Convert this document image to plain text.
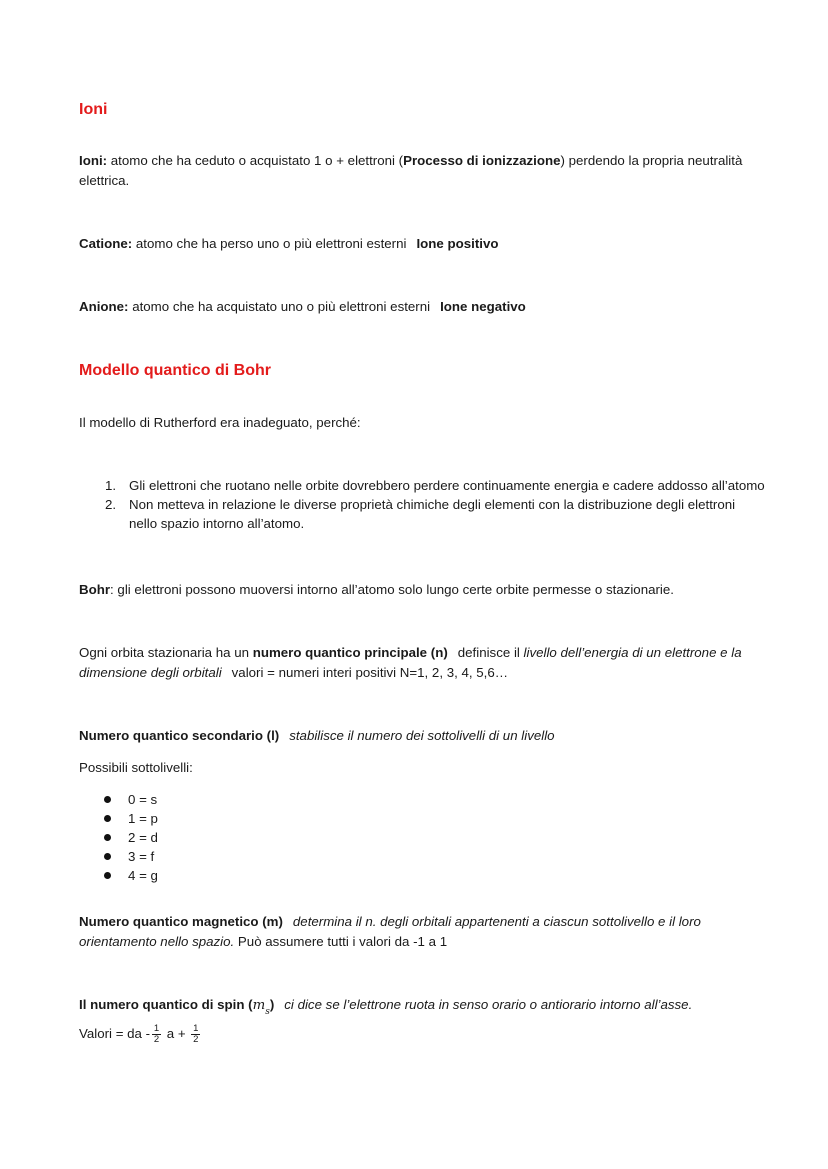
Ioni
Ioni: atomo che ha ceduto o acquistato 1 o + elettroni (Processo di ionizzazione) perdendo la propria neutralità elettrica.
Catione: atomo che ha perso uno o più elettroni esterni Ione positivo
Anione: atomo che ha acquistato uno o più elettroni esterni Ione negativo
Modello quantico di Bohr
Il modello di Rutherford era inadeguato, perché:
1. Gli elettroni che ruotano nelle orbite dovrebbero perdere continuamente energia e cadere addosso all’atomo
2. Non metteva in relazione le diverse proprietà chimiche degli elementi con la distribuzione degli elettroni nello spazio intorno all’atomo.
Bohr: gli elettroni possono muoversi intorno all’atomo solo lungo certe orbite permesse o stazionarie.
Ogni orbita stazionaria ha un numero quantico principale (n) definisce il livello dell’energia di un elettrone e la dimensione degli orbitali valori = numeri interi positivi N=1, 2, 3, 4, 5,6…
Numero quantico secondario (l) stabilisce il numero dei sottolivelli di un livello
Possibili sottolivelli:
0 = s
1 = p
2 = d
3 = f
4 = g
Numero quantico magnetico (m) determina il n. degli orbitali appartenenti a ciascun sottolivello e il loro orientamento nello spazio. Può assumere tutti i valori da -1 a 1
Il numero quantico di spin $(m_s)$ ci dice se l’elettrone ruota in senso orario o antiorario intorno all’asse.
Valori = da - $\frac{1}{2}$ $a + \frac{1}{2}$
